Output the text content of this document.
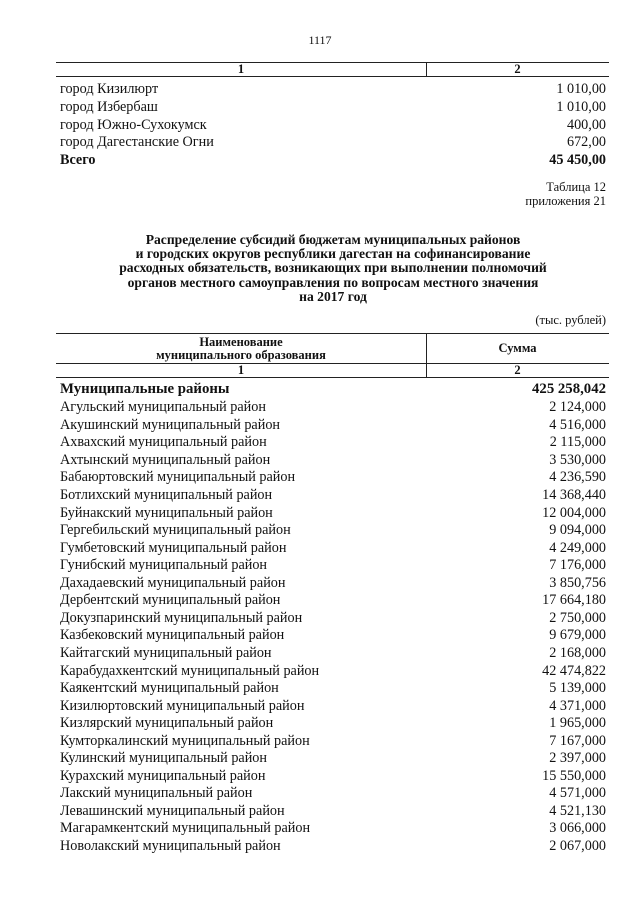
1117
1	2
город Кизилюрт	1 010,00
город Избербаш	1 010,00
город Южно-Сухокумск	400,00
город Дагестанские Огни	672,00
Всего	45 450,00
Таблица 12
приложения 21
Распределение субсидий бюджетам муниципальных районов
и городских округов республики дагестан на софинансирование
расходных обязательств, возникающих при выполнении полномочий
органов местного самоуправления по вопросам местного значения
на 2017 год
(тыс. рублей)
Наименование
муниципального образования	Сумма
1	2
Муниципальные районы	425 258,042
Агульский муниципальный район	2 124,000
Акушинский муниципальный район	4 516,000
Ахвахский муниципальный район	2 115,000
Ахтынский муниципальный район	3 530,000
Бабаюртовский муниципальный район	4 236,590
Ботлихский муниципальный район	14 368,440
Буйнакский муниципальный район	12 004,000
Гергебильский муниципальный район	9 094,000
Гумбетовский муниципальный район	4 249,000
Гунибский муниципальный район	7 176,000
Дахадаевский муниципальный район	3 850,756
Дербентский муниципальный район	17 664,180
Докузпаринский муниципальный район	2 750,000
Казбековский муниципальный район	9 679,000
Кайтагский муниципальный район	2 168,000
Карабудахкентский муниципальный район	42 474,822
Каякентский муниципальный район	5 139,000
Кизилюртовский муниципальный район	4 371,000
Кизлярский муниципальный район	1 965,000
Кумторкалинский муниципальный район	7 167,000
Кулинский муниципальный район	2 397,000
Курахский муниципальный район	15 550,000
Лакский муниципальный район	4 571,000
Левашинский муниципальный район	4 521,130
Магарамкентский муниципальный район	3 066,000
Новолакский муниципальный район	2 067,000
